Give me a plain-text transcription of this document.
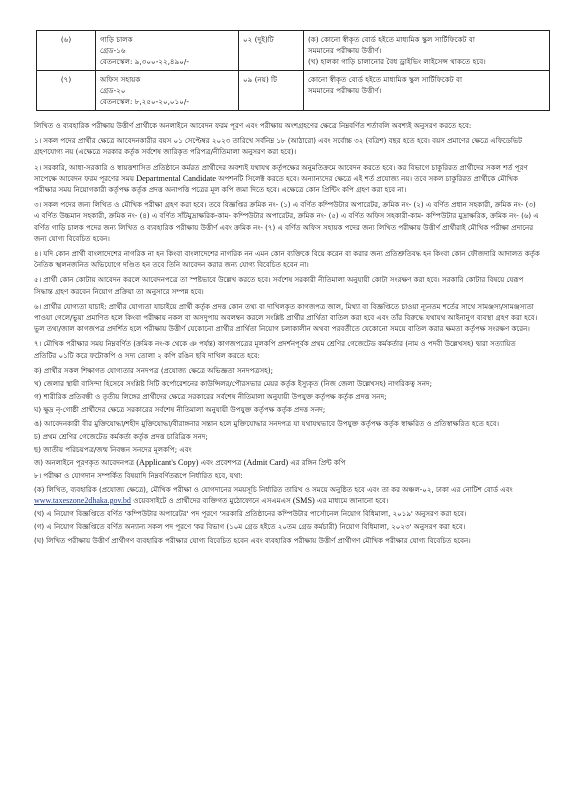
(৬)	গাড়ি চালক
গ্রেড-১৬
বেতনস্কেল: ৯,৩০০-২২,৪৯০/-	০২ (দুই)টি	(ক) কোনো স্বীকৃত বোর্ড হইতে মাধ্যমিক স্কুল সার্টিফিকেট বা
সমমানের পরীক্ষায় উত্তীর্ণ।
(খ) হালকা গাড়ি চালানোর বৈধ ড্রাইভিং লাইসেন্স থাকতে হবে।

(৭)	অফিস সহায়ক
গ্রেড-২০
বেতনস্কেল: ৮,২৫০-২০,০১০/-	০৯ (নয়) টি	কোনো স্বীকৃত বোর্ড হইতে মাধ্যমিক স্কুল সার্টিফিকেট বা
সমমানের পরীক্ষায় উত্তীর্ণ।

লিখিত ও ব্যবহারিক পরীক্ষায় উত্তীর্ণ প্রার্থীকে অনলাইনে আবেদন ফরম পূরণ এবং পরীক্ষায় অংশগ্রহণের ক্ষেত্রে নিম্নবর্ণিত শর্তাবলি অবশ্যই অনুসরণ করতে হবে:

১। সকল পদের প্রার্থীর ক্ষেত্রে আবেদনকারীর বয়স ০১ সেপ্টেম্বর ২০২৩ তারিখে সর্বনিম্ন ১৮ (আঠারো) এবং সর্বোচ্চ ৩২ (বত্রিশ) বছর হতে হবে। বয়স প্রমাণের ক্ষেত্রে এফিডেভিট গ্রহণযোগ্য নয় (এক্ষেত্রে সরকার কর্তৃক সর্বশেষ জারিকৃত পরিপত্র/নীতিমালা অনুসরণ করা হবে)।

২। সরকারি, আধা-সরকারি ও স্বায়ত্তশাসিত প্রতিষ্ঠানে কর্মরত প্রার্থীদের অবশ্যই যথাযথ কর্তৃপক্ষের অনুমতিক্রমে আবেদন করতে হবে। কর বিভাগে চাকুরিরত প্রার্থীদের সকল শর্ত পূরণ সাপেক্ষে আবেদন ফরম পূরণের সময় Departmental Candidate অপশনটি সিলেক্ট করতে হবে। অন্যান্যদের ক্ষেত্রে এই শর্ত প্রযোজ্য নয়। তবে সকল চাকুরিরত প্রার্থীকে মৌখিক পরীক্ষার সময় নিয়োগকারী কর্তৃপক্ষ কর্তৃক প্রদত্ত অনাপত্তি পত্রের মূল কপি জমা দিতে হবে। এক্ষেত্রে কোন প্রিন্টিং কপি গ্রহণ করা হবে না।

৩। সকল পদের জন্য লিখিত ও মৌখিক পরীক্ষা গ্রহণ করা হবে। তবে বিজ্ঞপ্তির ক্রমিক নং- (১) এ বর্ণিত কম্পিউটার অপারেটর, ক্রমিক নং- (২) এ বর্ণিত প্রধান সহকারী, ক্রমিক নং- (৩) এ বর্ণিত উচ্চমান সহকারী, ক্রমিক নং- (৪) এ বর্ণিত সাঁটমুদ্রাক্ষরিক-কাম- কম্পিউটার অপারেটর, ক্রমিক নং- (৫) এ বর্ণিত অফিস সহকারী-কাম- কম্পিউটার মুদ্রাক্ষরিক, ক্রমিক নং- (৬) এ বর্ণিত গাড়ি চালক পদের জন্য লিখিত ও ব্যবহারিক পরীক্ষায় উত্তীর্ণ এবং ক্রমিক নং- (৭) এ বর্ণিত অফিস সহায়ক পদের জন্য লিখিত পরীক্ষায় উত্তীর্ণ প্রার্থীরাই মৌখিক পরীক্ষা প্রদানের জন্য যোগ্য বিবেচিত হবেন।

৪। যদি কোন প্রার্থী বাংলাদেশের নাগরিক না হন কিংবা বাংলাদেশের নাগরিক নন এমন কোন ব্যক্তিকে বিয়ে করেন বা করার জন্য প্রতিশ্রুতিবদ্ধ হন কিংবা কোন ফৌজদারি আদালত কর্তৃক নৈতিক স্খলনজনিত অভিযোগে দণ্ডিত হন তবে তিনি আবেদন করার জন্য যোগ্য বিবেচিত হবেন না।

৫। প্রার্থী কোন কোটায় আবেদন করলে আবেদনপত্রে তা স্পষ্টভাবে উল্লেখ করতে হবে। সর্বশেষ সরকারী নীতিমালা অনুযায়ী কোটা সংরক্ষণ করা হবে। সরকারি কোটার বিষয়ে যেরূপ সিদ্ধান্ত গ্রহণ করবেন নিয়োগ প্রক্রিয়া তা অনুসারে সম্পন্ন হবে।

৬। প্রার্থীর যোগ্যতা যাচাই: প্রার্থীর যোগ্যতা যাচাইয়ে প্রার্থী কর্তৃক প্রদত্ত কোন তথ্য বা দাখিলকৃত কাগজপত্র জাল, মিথ্যা বা বিজ্ঞপ্তিতে চাওয়া ন্যূনতম শর্তের সাথে সামঞ্জস্য/সামঞ্জস্যতা পাওয়া গেলে/ভুয়া প্রমাণিত হলে কিংবা পরীক্ষায় নকল বা অসদুপায় অবলম্বন করলে সংশ্লিষ্ট প্রার্থীর প্রার্থিতা বাতিল করা হবে এবং তাঁর বিরুদ্ধে যথাযথ আইনানুগ ব্যবস্থা গ্রহণ করা হবে। ভুল তথ্য/জাল কাগজপত্র প্রদর্শিত হলে পরীক্ষায় উত্তীর্ণ যেকোনো প্রার্থীর প্রার্থিতা নিয়োগ চলাকালীন অথবা পরবর্তীতে যেকোনো সময়ে বাতিল করার ক্ষমতা কর্তৃপক্ষ সংরক্ষণ করেন।

৭। মৌখিক পরীক্ষার সময় নিম্নবর্ণিত (ক্রমিক নং-ক থেকে ঞ পর্যন্ত) কাগজপত্রের মূলকপি প্রদর্শনপূর্বক প্রথম শ্রেণির গেজেটেড কর্মকর্তার (নাম ও পদবী উল্লেখসহ) দ্বারা সত্যায়িত প্রতিটির ০১টি করে ফটোকপি ও সদ্য তোলা ২ কপি রঙিন ছবি দাখিল করতে হবে:

ক) প্রার্থীর সকল শিক্ষাগত যোগ্যতার সনদপত্র (প্রযোজ্য ক্ষেত্রে অভিজ্ঞতা সনদপত্রসহ);

খ) জেলার স্থায়ী বাসিন্দা হিসেবে সংশ্লিষ্ট সিটি কর্পোরেশনের কাউন্সিলর/পৌরসভার মেয়র কর্তৃক ইস্যুকৃত (নিজ জেলা উল্লেখসহ) নাগরিকত্ব সনদ;

গ) শারীরিক প্রতিবন্ধী ও তৃতীয় লিঙ্গের প্রার্থীদের ক্ষেত্রে সরকারের সর্বশেষ নীতিমালা অনুযায়ী উপযুক্ত কর্তৃপক্ষ কর্তৃক প্রদত্ত সনদ;

ঘ) ক্ষুদ্র নৃ-গোষ্ঠী প্রার্থীদের ক্ষেত্রে সরকারের সর্বশেষ নীতিমালা অনুযায়ী উপযুক্ত কর্তৃপক্ষ কর্তৃক প্রদত্ত সনদ;

ঙ) আবেদনকারী বীর মুক্তিযোদ্ধা/শহীদ মুক্তিযোদ্ধা/বীরাঙ্গনার সন্তান হলে মুক্তিযোদ্ধার সনদপত্র যা যথাযথভাবে উপযুক্ত কর্তৃপক্ষ কর্তৃক স্বাক্ষরিত ও প্রতিস্বাক্ষরিত হতে হবে।

চ) প্রথম শ্রেণির গেজেটেড কর্মকর্তা কর্তৃক প্রদত্ত চারিত্রিক সনদ;

ছ) জাতীয় পরিচয়পত্র/জন্ম নিবন্ধন সনদের মূলকপি; এবং

জ) অনলাইনে পূরণকৃত আবেদনপত্র (Applicant's Copy) এবং প্রবেশপত্র (Admit Card) এর রঙ্গিন প্রিন্ট কপি

৮। পরীক্ষা ও যোগদান সম্পর্কিত বিষয়াদি নিম্নবর্ণিতরূপে নির্ধারিত হবে, যথা:

(ক) লিখিত, ব্যবহারিক (প্রযোজ্য ক্ষেত্রে), মৌখিক পরীক্ষা ও যোগদানের সময়সূচি নির্ধারিত তারিখ ও সময়ে অনুষ্ঠিত হবে এবং তা কর অঞ্চল-০২, ঢাকা এর নোটিশ বোর্ড এবং www.taxeszone2dhaka.gov.bd ওয়েবসাইটে ও প্রার্থীদের ব্যক্তিগত মুঠোফোনে এসএমএস (SMS) এর মাধ্যমে জানানো হবে।

(খ) এ নিয়োগ বিজ্ঞপ্তিতে বর্ণিত 'কম্পিউটার অপারেটর' পদ পূরণে 'সরকারি প্রতিষ্ঠানের কম্পিউটার পার্সোনেল নিয়োগ বিধিমালা, ২০১৯' অনুসরণ করা হবে।

(গ) এ নিয়োগ বিজ্ঞপ্তিতে বর্ণিত অন্যান্য সকল পদ পূরণে 'কর বিভাগ (১০ম গ্রেড হইতে ২০তম গ্রেড কর্মচারী) নিয়োগ বিধিমালা, ২০২৩' অনুসরণ করা হবে।

(ঘ) লিখিত পরীক্ষায় উত্তীর্ণ প্রার্থীগণ ব্যবহারিক পরীক্ষার যোগ্য বিবেচিত হবেন এবং ব্যবহারিক পরীক্ষায় উত্তীর্ণ প্রার্থীগণ মৌখিক পরীক্ষার যোগ্য বিবেচিত হবেন।
